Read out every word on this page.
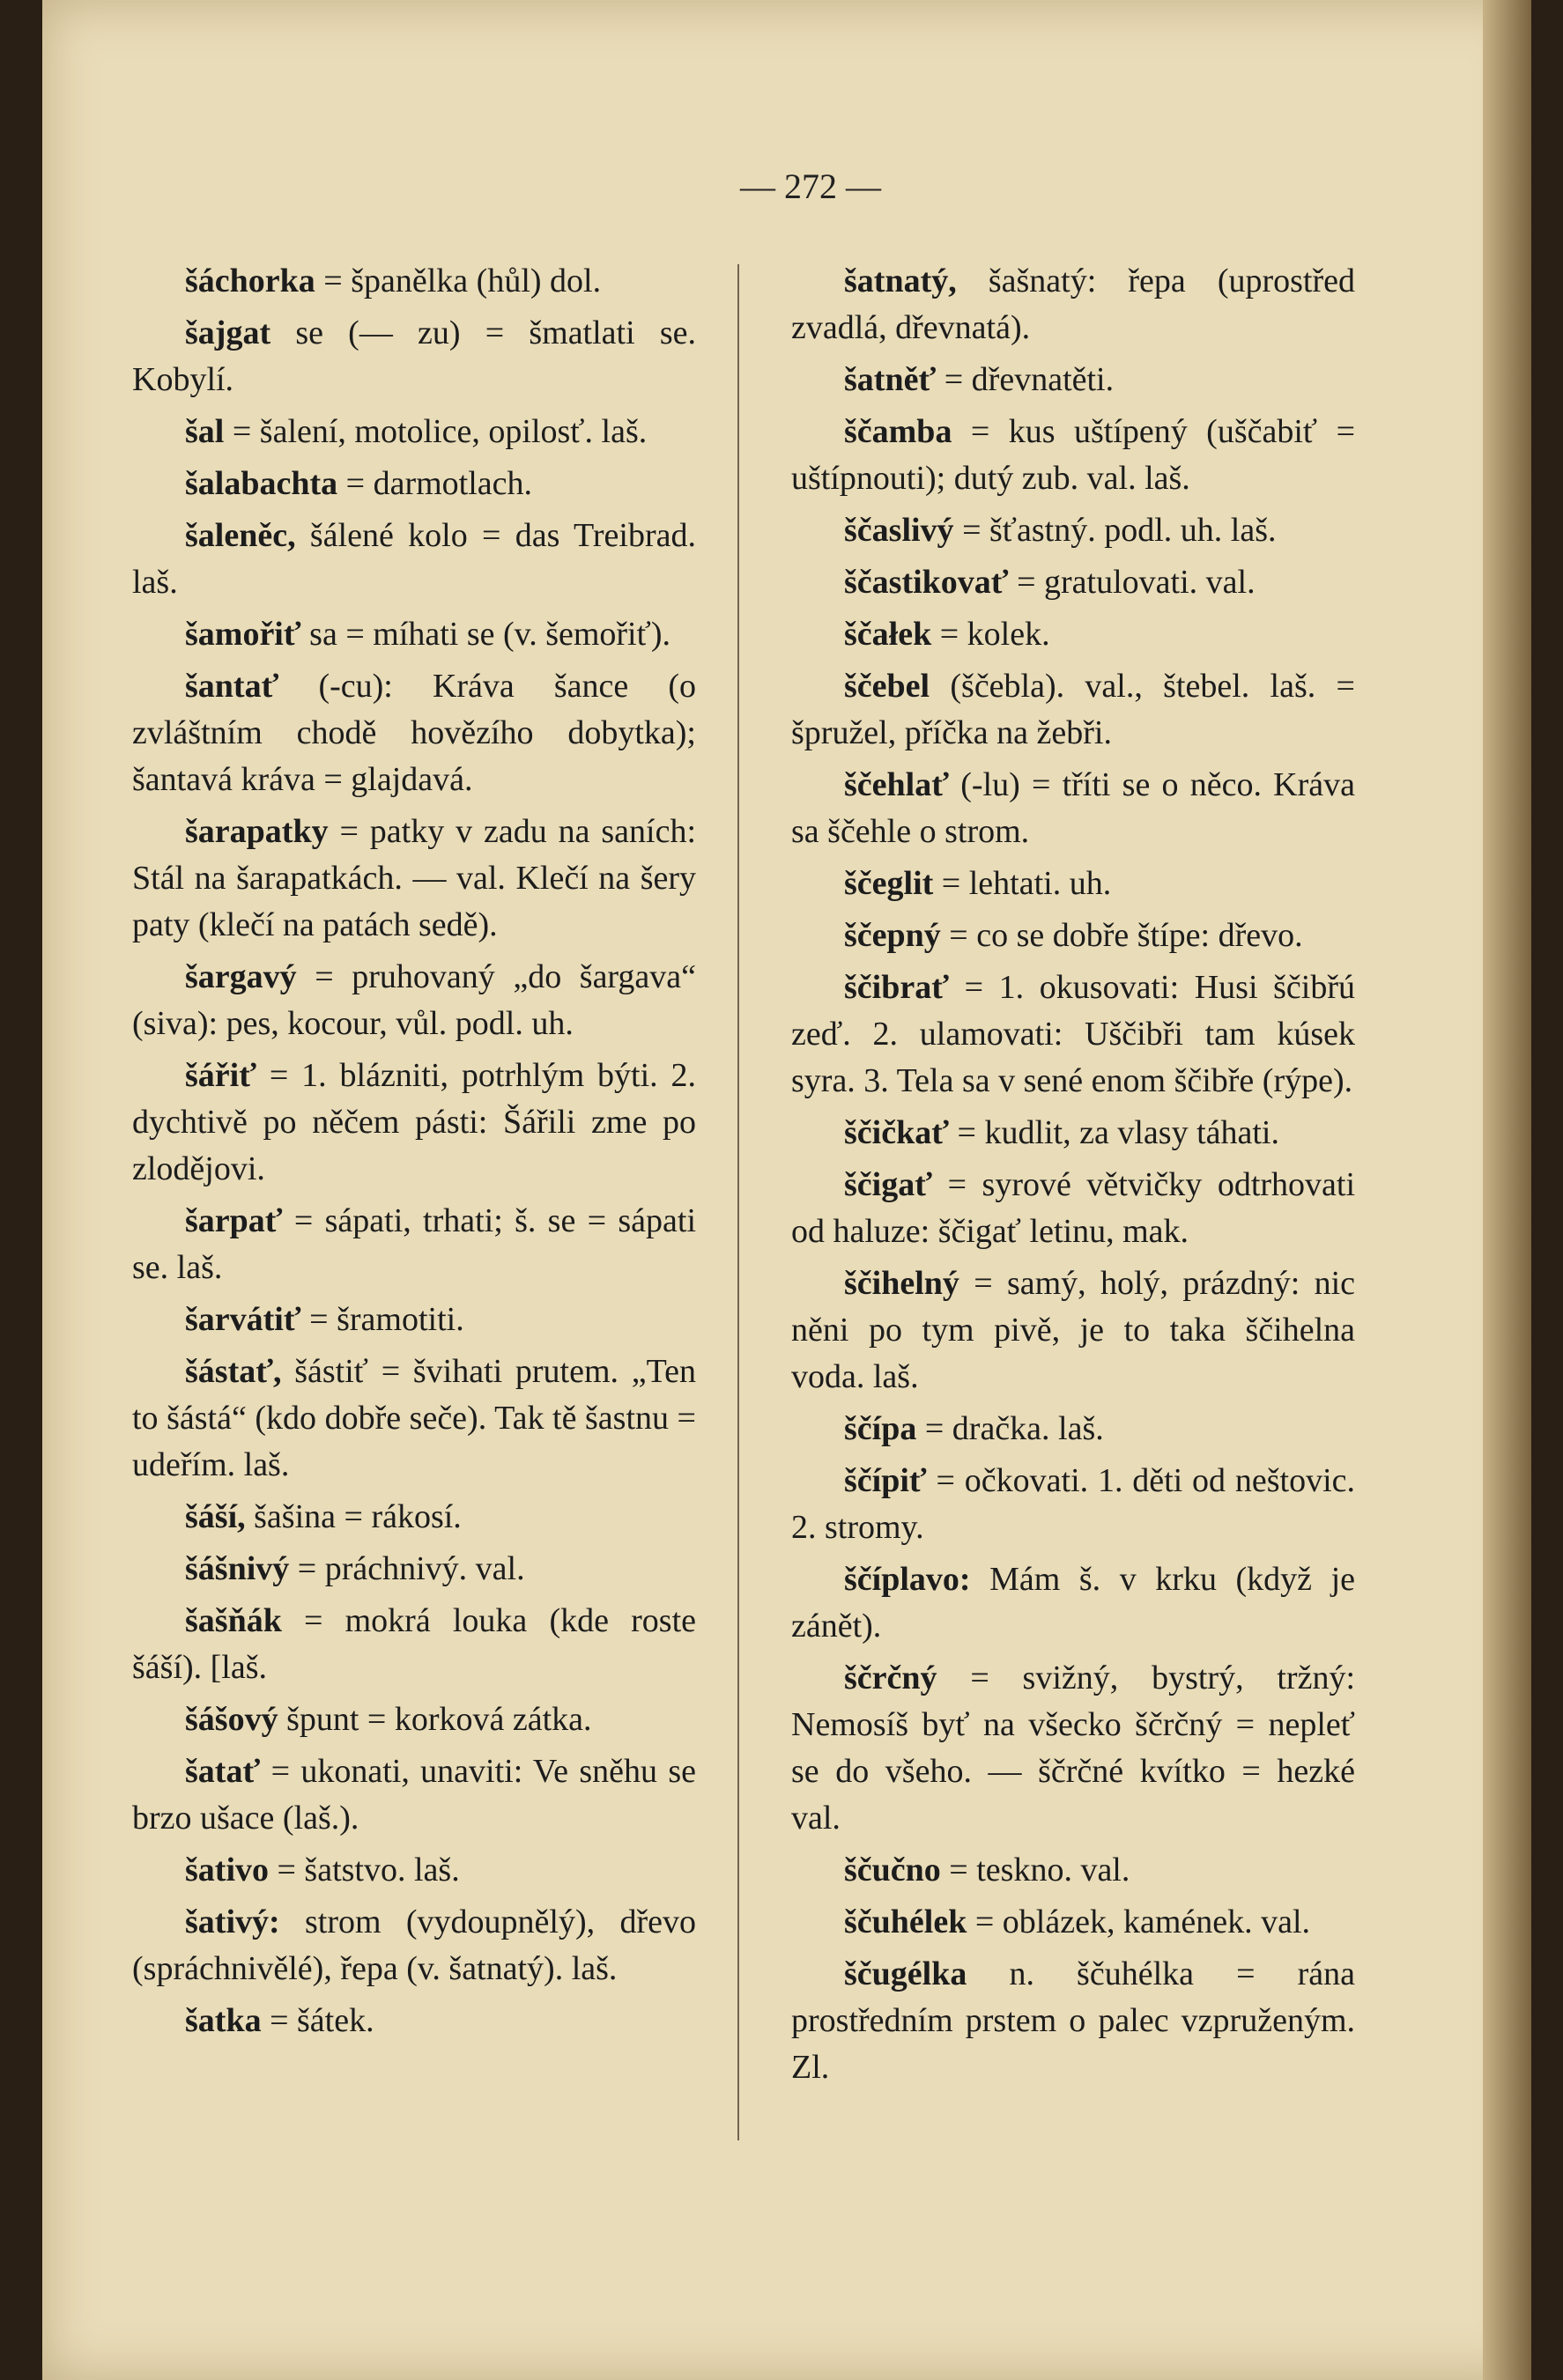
— 272 —

šáchorka = španělka (hůl) dol.

šajgat se (— zu) = šmatlati se. Kobylí.

šal = šalení, motolice, opilosť. laš.

šalabachta = darmotlach.

šaleněc, šálené kolo = das Treibrad. laš.

šamořiť sa = míhati se (v. šemořiť).

šantať (-cu): Kráva šance (o zvláštním chodě hovězího dobytka); šantavá kráva = glajdavá.

šarapatky = patky v zadu na saních: Stál na šarapatkách. — val. Klečí na šery paty (klečí na patách sedě).

šargavý = pruhovaný „do šargava“ (siva): pes, kocour, vůl. podl. uh.

šářiť = 1. blázniti, potrhlým býti. 2. dychtivě po něčem pásti: Šářili zme po zlodějovi.

šarpať = sápati, trhati; š. se = sápati se. laš.

šarvátiť = šramotiti.

šástať, šástiť = švihati prutem. „Ten to šástá“ (kdo dobře seče). Tak tě šastnu = udeřím. laš.

šáší, šašina = rákosí.

šášnivý = práchnivý. val.

šašňák = mokrá louka (kde roste šáší). [laš.

šášový špunt = korková zátka.

šatať = ukonati, unaviti: Ve sněhu se brzo ušace (laš.).

šativo = šatstvo. laš.

šativý: strom (vydoupnělý), dřevo (spráchnivělé), řepa (v. šatnatý). laš.

šatka = šátek.

šatnatý, šašnatý: řepa (uprostřed zvadlá, dřevnatá).

šatněť = dřevnatěti.

ščamba = kus uštípený (uščabiť = uštípnouti); dutý zub. val. laš.

ščaslivý = šťastný. podl. uh. laš.

ščastikovať = gratulovati. val.

ščałek = kolek.

ščebel (ščebla). val., štebel. laš. = špružel, příčka na žebři.

ščehlať (-lu) = tříti se o něco. Kráva sa ščehle o strom.

ščeglit = lehtati. uh.

ščepný = co se dobře štípe: dřevo.

ščibrať = 1. okusovati: Husi ščibřú zeď. 2. ulamovati: Uščibři tam kúsek syra. 3. Tela sa v sené enom ščibře (rýpe).

ščičkať = kudlit, za vlasy táhati.

ščigať = syrové větvičky odtrhovati od haluze: ščigať letinu, mak.

ščihelný = samý, holý, prázdný: nic něni po tym pivě, je to taka ščihelna voda. laš.

ščípa = dračka. laš.

ščípiť = očkovati. 1. děti od neštovic. 2. stromy.

ščíplavo: Mám š. v krku (když je zánět).

ščrčný = svižný, bystrý, tržný: Nemosíš byť na všecko ščrčný = nepleť se do všeho. — ščrčné kvítko = hezké val.

ščučno = teskno. val.

ščuhélek = oblázek, kamének. val.

ščugélka n. ščuhélka = rána prostředním prstem o palec vzpruženým. Zl.
